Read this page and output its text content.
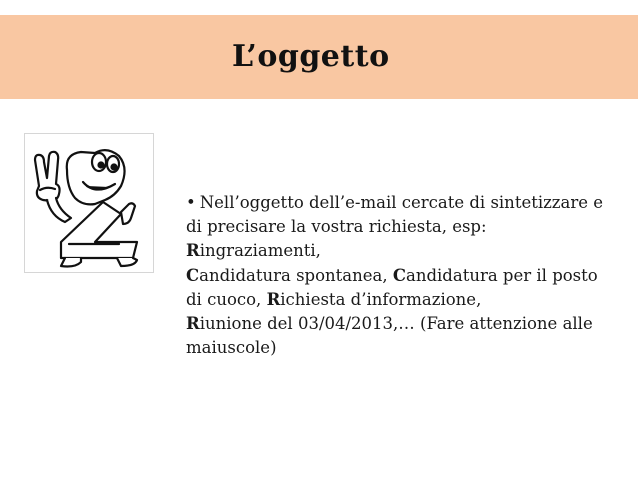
L’oggetto

• Nell’oggetto dell’e-mail cercate di sintetizzare e di precisare la vostra richiesta, esp: Ringraziamenti,
Candidatura spontanea, Candidatura per il posto di cuoco, Richiesta d’informazione,
Riunione del 03/04/2013,… (Fare attenzione alle maiuscole)
